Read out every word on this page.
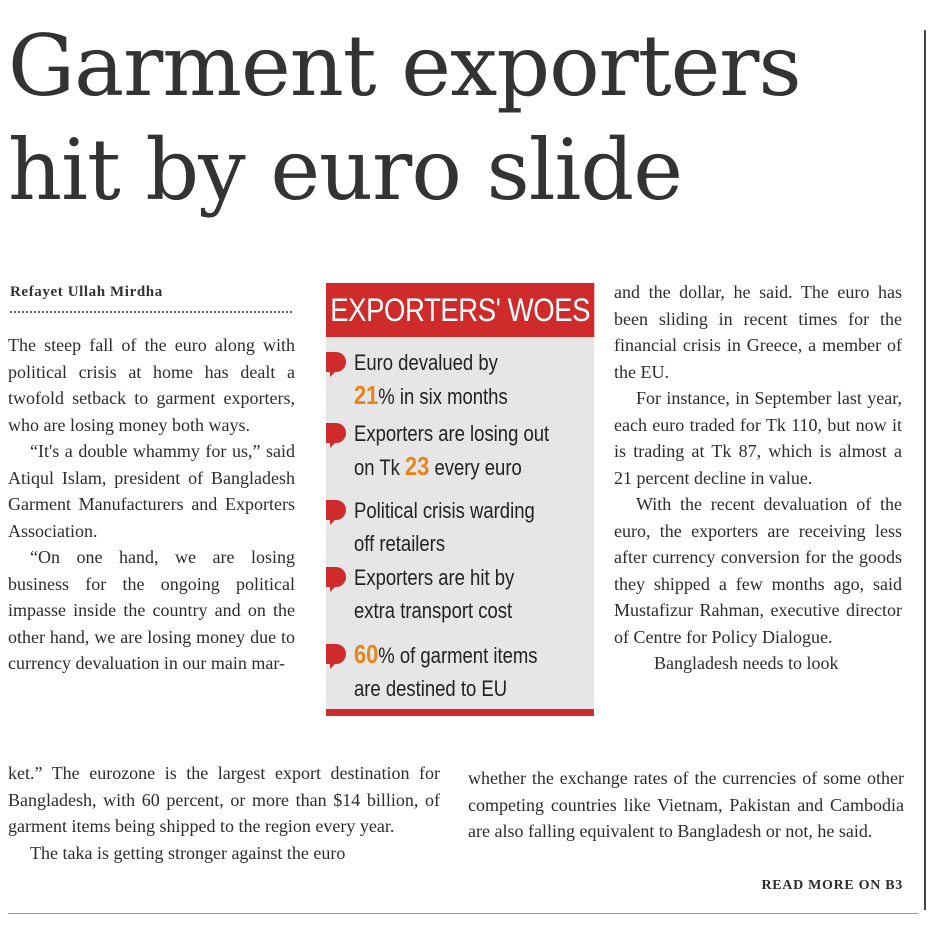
Garment exporters
hit by euro slide
Refayet Ullah Mirdha

The steep fall of the euro along with political crisis at home has dealt a twofold setback to garment exporters, who are losing money both ways.

“It's a double whammy for us,” said Atiqul Islam, president of Bangladesh Garment Manufacturers and Exporters Association.

“On one hand, we are losing business for the ongoing political impasse inside the country and on the other hand, we are losing money due to currency devaluation in our main mar-

EXPORTERS' WOES
Euro devalued by
21% in six months
Exporters are losing out
on Tk 23 every euro
Political crisis warding
off retailers
Exporters are hit by
extra transport cost
60% of garment items
are destined to EU

and the dollar, he said. The euro has been sliding in recent times for the financial crisis in Greece, a member of the EU.

For instance, in September last year, each euro traded for Tk 110, but now it is trading at Tk 87, which is almost a 21 percent decline in value.

With the recent devaluation of the euro, the exporters are receiving less after currency conversion for the goods they shipped a few months ago, said Mustafizur Rahman, executive director of Centre for Policy Dialogue.

Bangladesh needs to look

ket.” The eurozone is the largest export destination for Bangladesh, with 60 percent, or more than $14 billion, of garment items being shipped to the region every year.

The taka is getting stronger against the euro

whether the exchange rates of the currencies of some other competing countries like Vietnam, Pakistan and Cambodia are also falling equivalent to Bangladesh or not, he said.

READ MORE ON B3
